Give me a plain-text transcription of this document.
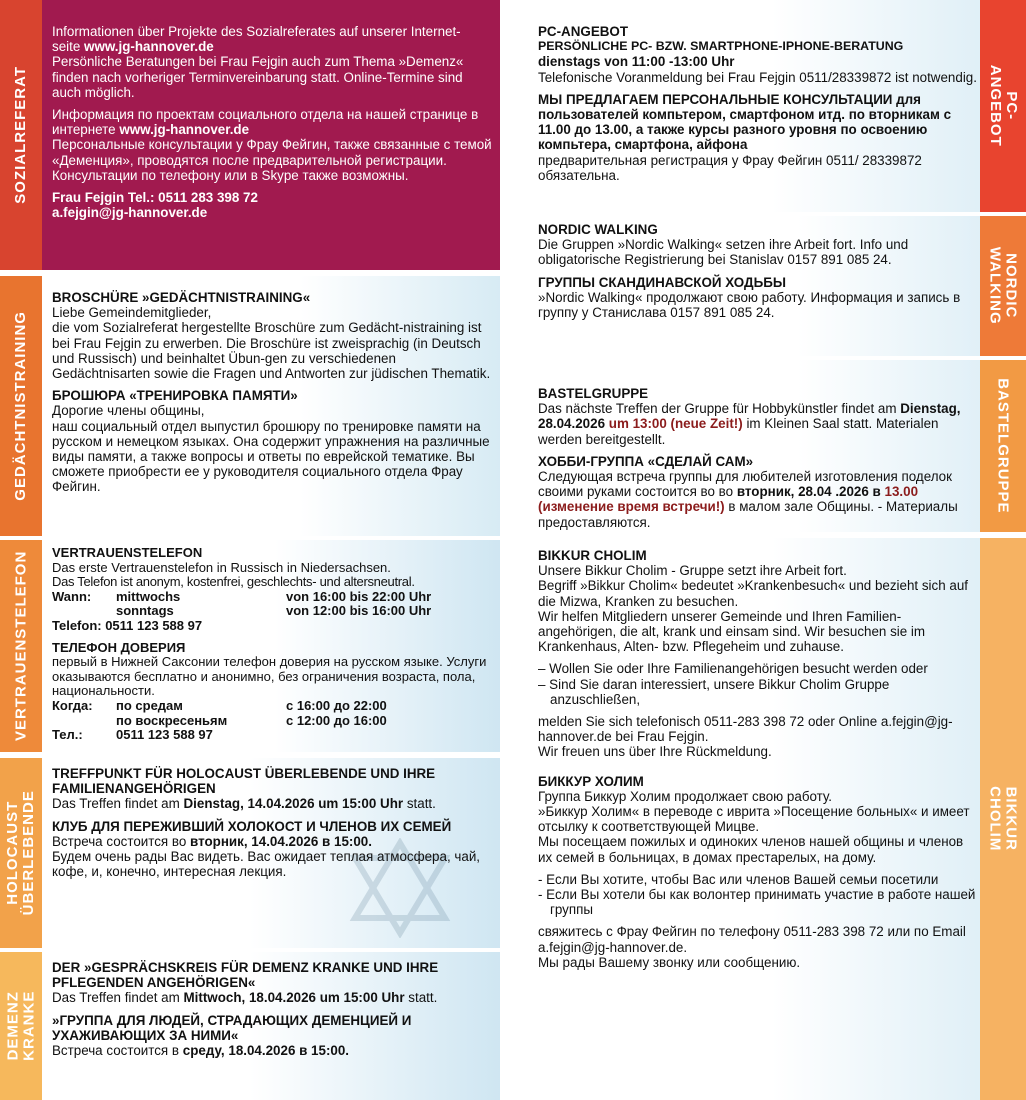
SOZIALREFERAT

Informationen über Projekte des Sozialreferates auf unserer Internet- seite www.jg-hannover.de

Persönliche Beratungen bei Frau Fejgin auch zum Thema »Demenz« finden nach vorheriger Terminvereinbarung statt. Online-Termine sind auch möglich.

Информация по проектам социального отдела на нашей странице в интернете www.jg-hannover.de

Персональные консультации у Фрау Фейгин, также связанные с темой «Деменция», проводятся после предварительной регистрации. Консультации по телефону или в Skype также возможны.

Frau Fejgin Tel.: 0511 283 398 72

a.fejgin@jg-hannover.de

GEDÄCHTNISTRAINING

BROSCHÜRE »GEDÄCHTNISTRAINING«

Liebe Gemeindemitglieder,

die vom Sozialreferat hergestellte Broschüre zum Gedächt-nistraining ist bei Frau Fejgin zu erwerben. Die Broschüre ist zweisprachig (in Deutsch und Russisch) und beinhaltet Übun-gen zu verschiedenen Gedächtnisarten sowie die Fragen und Antworten zur jüdischen Thematik.

БРОШЮРА «ТРЕНИРОВКА ПАМЯТИ»

Дорогие члены общины,

наш социальный отдел выпустил брошюру по тренировке памяти на русском и немецком языках. Она содержит упражнения на различные виды памяти, а также вопросы и ответы по еврейской тематике. Вы сможете приобрести ее у руководителя социального отдела Фрау Фейгин.

VERTRAUENSTELEFON VERTRAUENSTELEFON

Das erste Vertrauenstelefon in Russisch in Niedersachsen.

Das Telefon ist anonym, kostenfrei, geschlechts- und altersneutral.

Wann:	mittwochs	von 16:00 bis 22:00 Uhr
sonntags	von 12:00 bis 16:00 Uhr

Telefon: 0511 123 588 97

ТЕЛЕФОН ДОВЕРИЯ

первый в Нижней Саксонии телефон доверия на русском языке. Услуги оказываются бесплатно и анонимно, без ограничения возраста, пола, национальности.

Когда:	по средам	с 16:00 до 22:00
по воскресеньям	с 12:00 до 16:00
Тел.:	0511 123 588 97
HOLOCAUST
ÜBERLEBENDE

TREFFPUNKT FÜR HOLOCAUST ÜBERLEBENDE UND IHRE FAMILIENANGEHÖRIGEN

Das Treffen findet am Dienstag, 14.04.2026 um 15:00 Uhr statt.

КЛУБ ДЛЯ ПЕРЕЖИВШИЙ ХОЛОКОСТ И ЧЛЕНОВ ИХ СЕМЕЙ

Встреча состоится во вторник, 14.04.2026 в 15:00.

Будем очень рады Вас видеть. Вас ожидает теплая атмосфера, чай, кофе, и, конечно, интересная лекция.

DEMENZ
KRANKE

DER »GESPRÄCHSKREIS FÜR DEMENZ KRANKE UND IHRE PFLEGENDEN ANGEHÖRIGEN«

Das Treffen findet am Mittwoch, 18.04.2026 um 15:00 Uhr statt.

»ГРУППА ДЛЯ ЛЮДЕЙ, СТРАДАЮЩИХ ДЕМЕНЦИЕЙ И УХАЖИВАЮЩИХ ЗА НИМИ«

Встреча состоится в среду, 18.04.2026 в 15:00.

PC-ANGEBOT

PC-ANGEBOT

PERSÖNLICHE PC- BZW. SMARTPHONE-IPHONE-BERATUNG

dienstags von 11:00 -13:00 Uhr

Telefonische Voranmeldung bei Frau Fejgin 0511/28339872 ist notwendig.

МЫ ПРЕДЛАГАЕМ ПЕРСОНАЛЬНЫЕ КОНСУЛЬТАЦИИ для пользователей компьтером, смартфоном итд. по вторникам с 11.00 до 13.00, а также курсы разного уровня по освоению компьтера, смартфона, айфона

предварительная регистрация у Фрау Фейгин 0511/ 28339872 обязательна.

NORDIC
WALKING

NORDIC WALKING

Die Gruppen »Nordic Walking« setzen ihre Arbeit fort. Info und obligatorische Registrierung bei Stanislav 0157 891 085 24.

ГРУППЫ СКАНДИНАВСКОЙ ХОДЬБЫ

»Nordic Walking« продолжают свою работу. Информация и запись в группу у Станислава 0157 891 085 24.

BASTELGRUPPE

BASTELGRUPPE

Das nächste Treffen der Gruppe für Hobbykünstler findet am Dienstag, 28.04.2026 um 13:00 (neue Zeit!) im Kleinen Saal statt. Materialen werden bereitgestellt.

ХОББИ-ГРУППА «СДЕЛАЙ САМ»

Следующая встреча группы для любителей изготовления поделок своими руками состоится во во вторник, 28.04 .2026 в 13.00 (изменение время встречи!) в малом зале Общины. - Материалы предоставляются.

BIKKUR CHOLIM

BIKKUR CHOLIM

Unsere Bikkur Cholim - Gruppe setzt ihre Arbeit fort.

Begriff »Bikkur Cholim« bedeutet »Krankenbesuch« und bezieht sich auf die Mizwa, Kranken zu besuchen.

Wir helfen Mitgliedern unserer Gemeinde und Ihren Familien-angehörigen, die alt, krank und einsam sind. Wir besuchen sie im Krankenhaus, Alten- bzw. Pflegeheim und zuhause.

– Wollen Sie oder Ihre Familienangehörigen besucht werden oder

– Sind Sie daran interessiert, unsere Bikkur Cholim Gruppe anzuschließen,

melden Sie sich telefonisch 0511-283 398 72 oder Online a.fejgin@jg-hannover.de bei Frau Fejgin.

Wir freuen uns über Ihre Rückmeldung.

БИККУР ХОЛИМ

Группа Биккур Холим продолжает свою работу.

»Биккур Холим« в переводе с иврита »Посещение больных« и имеет отсылку к соответствующей Мицве.

Мы посещаем пожилых и одиноких членов нашей общины и членов их семей в больницах, в домах престарелых, на дому.

- Если Вы хотите, чтобы Вас или членов Вашей семьи посетили

- Если Вы хотели бы как волонтер принимать участие в работе нашей группы

свяжитесь с Фрау Фейгин по телефону 0511-283 398 72 или по Email a.fejgin@jg-hannover.de.

Мы рады Вашему звонку или сообщению.
